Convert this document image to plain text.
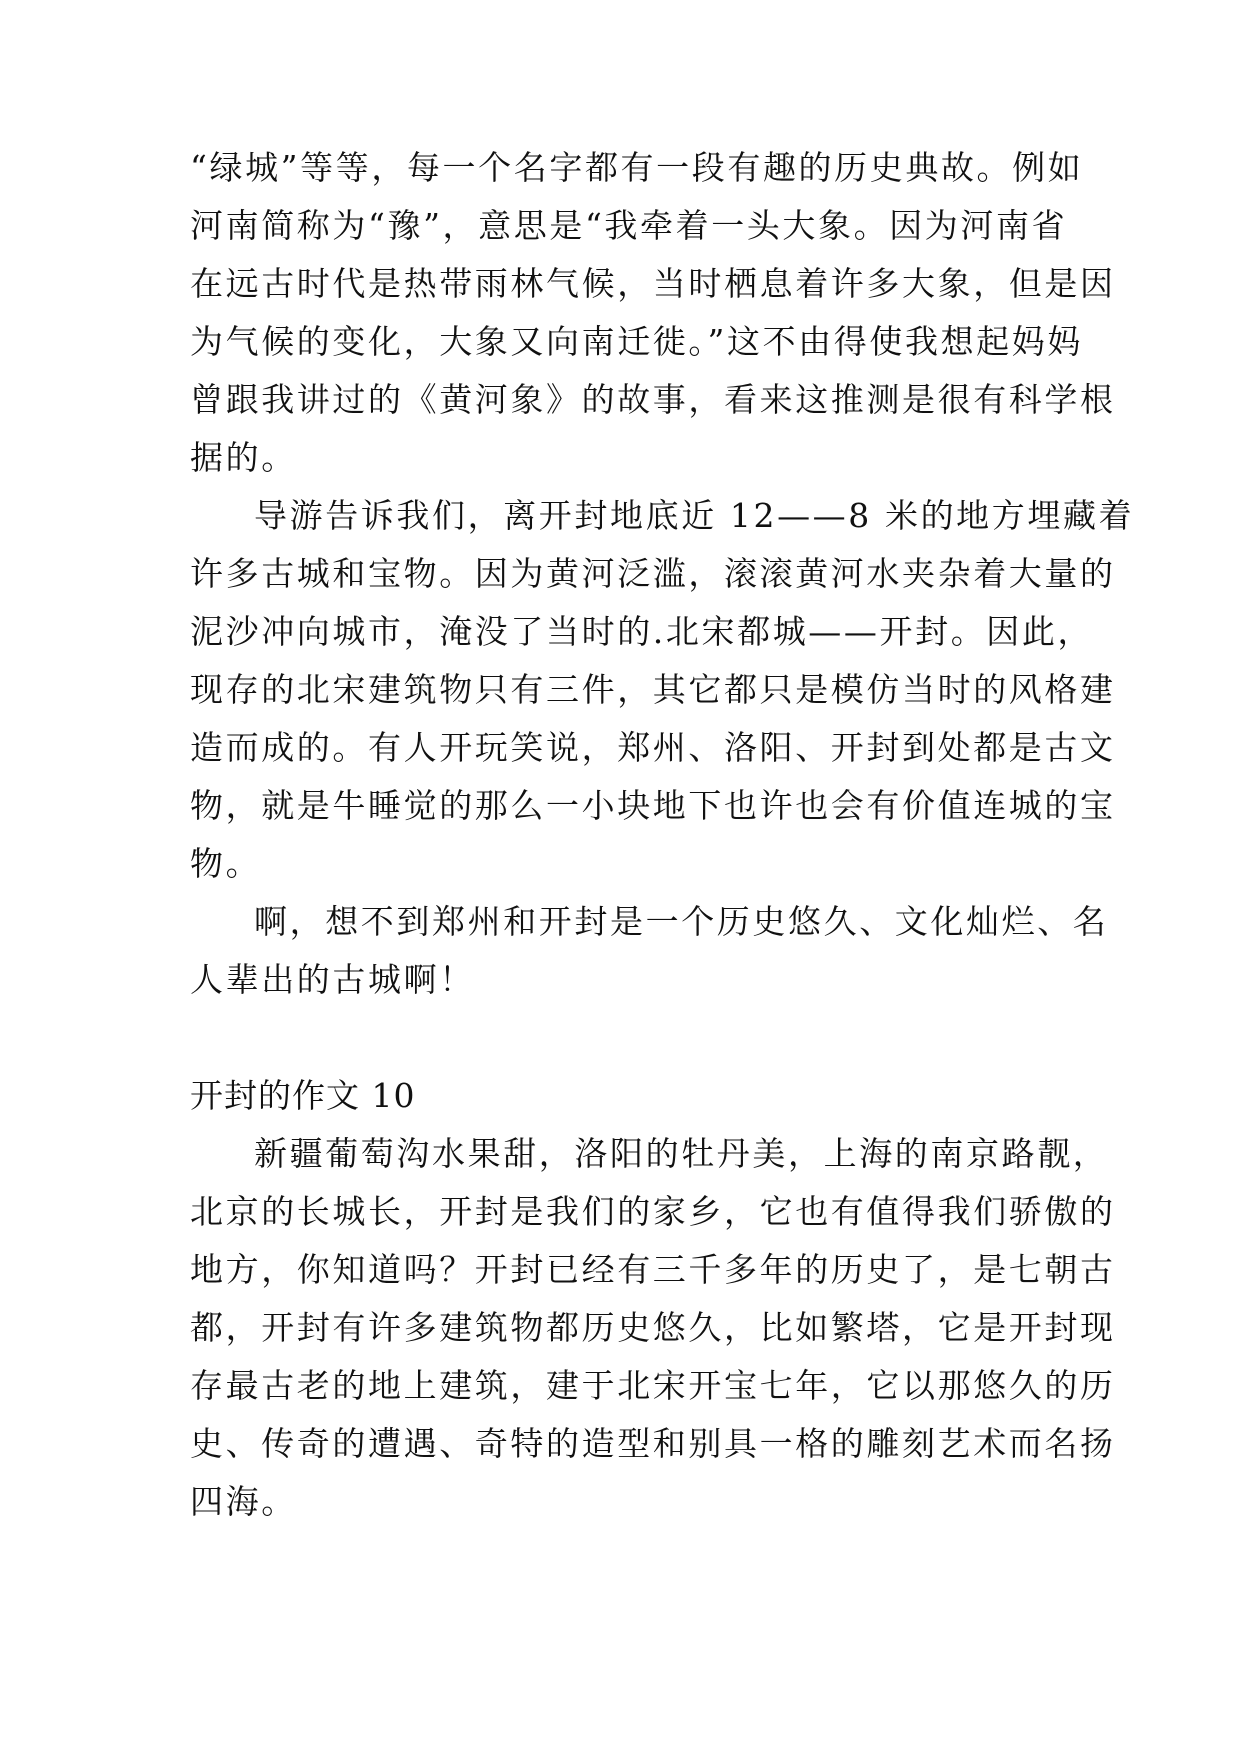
“绿城”等等，每一个名字都有一段有趣的历史典故。例如
河南简称为“豫”，意思是“我牵着一头大象。因为河南省
在远古时代是热带雨林气候，当时栖息着许多大象，但是因
为气候的变化，大象又向南迁徙。”这不由得使我想起妈妈
曾跟我讲过的《黄河象》的故事，看来这推测是很有科学根
据的。
导游告诉我们，离开封地底近 12——8 米的地方埋藏着
许多古城和宝物。因为黄河泛滥，滚滚黄河水夹杂着大量的
泥沙冲向城市，淹没了当时的.北宋都城——开封。因此，
现存的北宋建筑物只有三件，其它都只是模仿当时的风格建
造而成的。有人开玩笑说，郑州、洛阳、开封到处都是古文
物，就是牛睡觉的那么一小块地下也许也会有价值连城的宝
物。
啊，想不到郑州和开封是一个历史悠久、文化灿烂、名
人辈出的古城啊！
开封的作文 10
新疆葡萄沟水果甜，洛阳的牡丹美，上海的南京路靓，
北京的长城长，开封是我们的家乡，它也有值得我们骄傲的
地方，你知道吗？开封已经有三千多年的历史了，是七朝古
都，开封有许多建筑物都历史悠久，比如繁塔，它是开封现
存最古老的地上建筑，建于北宋开宝七年，它以那悠久的历
史、传奇的遭遇、奇特的造型和别具一格的雕刻艺术而名扬
四海。
